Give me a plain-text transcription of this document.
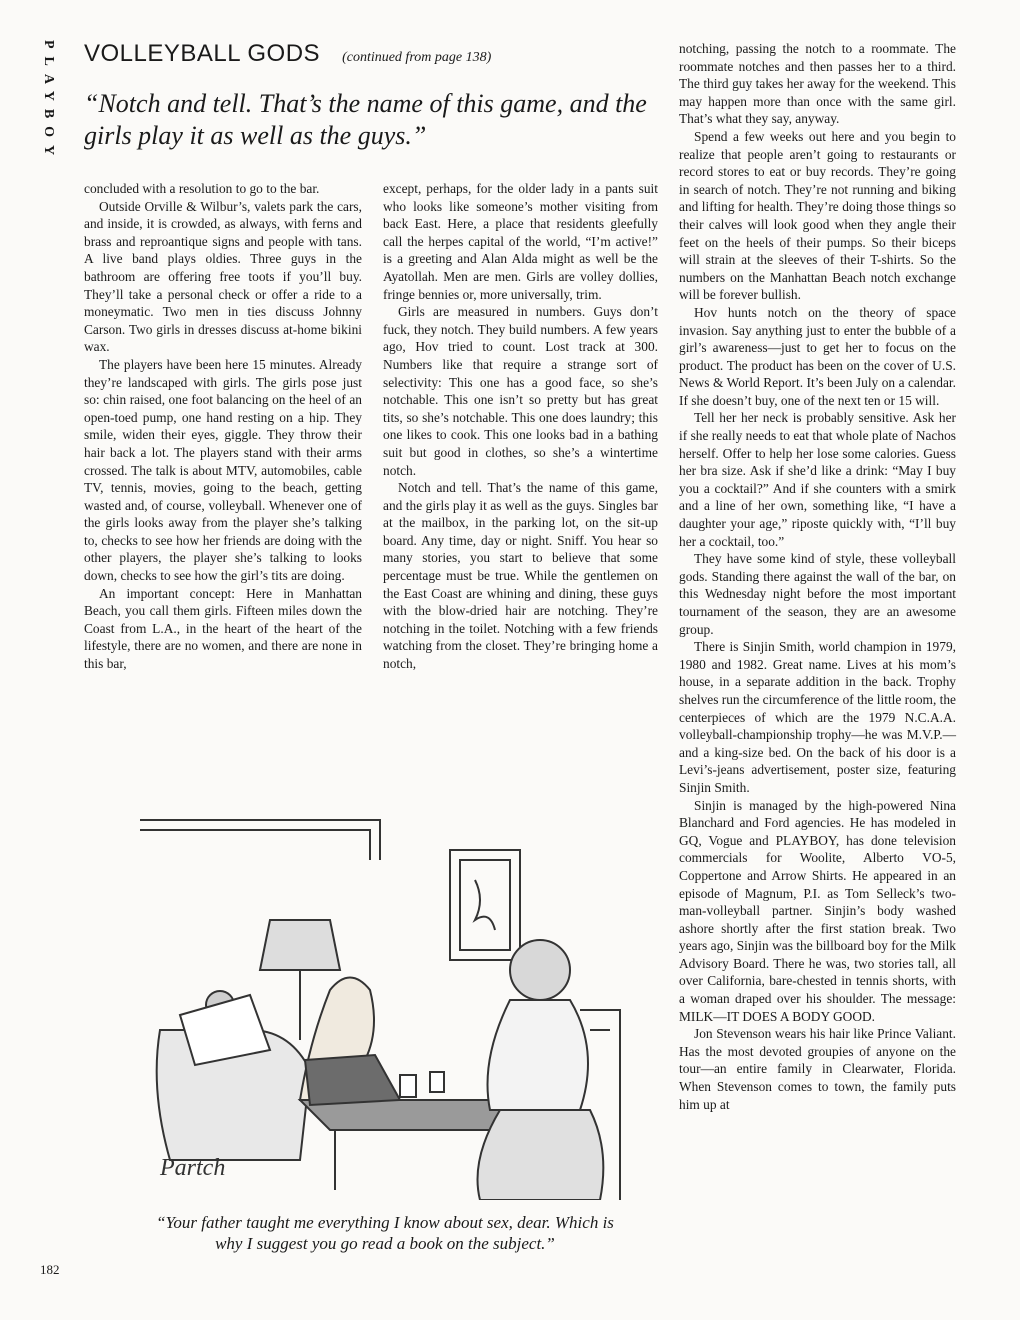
PLAYBOY VOLLEYBALL GODS (continued from page 138)
“Notch and tell. That’s the name of this game, and the girls play it as well as the guys.”

concluded with a resolution to go to the bar.

Outside Orville & Wilbur’s, valets park the cars, and inside, it is crowded, as always, with ferns and brass and reproantique signs and people with tans. A live band plays oldies. Three guys in the bathroom are offering free toots if you’ll buy. They’ll take a personal check or offer a ride to a moneymatic. Two men in ties discuss Johnny Carson. Two girls in dresses discuss at-home bikini wax.

The players have been here 15 minutes. Already they’re landscaped with girls. The girls pose just so: chin raised, one foot balancing on the heel of an open-toed pump, one hand resting on a hip. They smile, widen their eyes, giggle. They throw their hair back a lot. The players stand with their arms crossed. The talk is about MTV, automobiles, cable TV, tennis, movies, going to the beach, getting wasted and, of course, volleyball. Whenever one of the girls looks away from the player she’s talking to, checks to see how her friends are doing with the other players, the player she’s talking to looks down, checks to see how the girl’s tits are doing.

An important concept: Here in Manhattan Beach, you call them girls. Fifteen miles down the Coast from L.A., in the heart of the heart of the lifestyle, there are no women, and there are none in this bar,

except, perhaps, for the older lady in a pants suit who looks like someone’s mother visiting from back East. Here, a place that residents gleefully call the herpes capital of the world, “I’m active!” is a greeting and Alan Alda might as well be the Ayatollah. Men are men. Girls are volley dollies, fringe bennies or, more universally, trim.

Girls are measured in numbers. Guys don’t fuck, they notch. They build numbers. A few years ago, Hov tried to count. Lost track at 300. Numbers like that require a strange sort of selectivity: This one has a good face, so she’s notchable. This one isn’t so pretty but has great tits, so she’s notchable. This one does laundry; this one likes to cook. This one looks bad in a bathing suit but good in clothes, so she’s a wintertime notch.

Notch and tell. That’s the name of this game, and the girls play it as well as the guys. Singles bar at the mailbox, in the parking lot, on the sit-up board. Any time, day or night. Sniff. You hear so many stories, you start to believe that some percentage must be true. While the gentlemen on the East Coast are whining and dining, these guys with the blow-dried hair are notching. They’re notching in the toilet. Notching with a few friends watching from the closet. They’re bringing home a notch,

notching, passing the notch to a roommate. The roommate notches and then passes her to a third. The third guy takes her away for the weekend. This may happen more than once with the same girl. That’s what they say, anyway.

Spend a few weeks out here and you begin to realize that people aren’t going to restaurants or record stores to eat or buy records. They’re going in search of notch. They’re not running and biking and lifting for health. They’re doing those things so their calves will look good when they angle their feet on the heels of their pumps. So their biceps will strain at the sleeves of their T-shirts. So the numbers on the Manhattan Beach notch exchange will be forever bullish.

Hov hunts notch on the theory of space invasion. Say anything just to enter the bubble of a girl’s awareness—just to get her to focus on the product. The product has been on the cover of U.S. News & World Report. It’s been July on a calendar. If she doesn’t buy, one of the next ten or 15 will.

Tell her her neck is probably sensitive. Ask her if she really needs to eat that whole plate of Nachos herself. Offer to help her lose some calories. Guess her bra size. Ask if she’d like a drink: “May I buy you a cocktail?” And if she counters with a smirk and a line of her own, something like, “I have a daughter your age,” riposte quickly with, “I’ll buy her a cocktail, too.”

They have some kind of style, these volleyball gods. Standing there against the wall of the bar, on this Wednesday night before the most important tournament of the season, they are an awesome group.

There is Sinjin Smith, world champion in 1979, 1980 and 1982. Great name. Lives at his mom’s house, in a separate addition in the back. Trophy shelves run the circumference of the little room, the centerpieces of which are the 1979 N.C.A.A. volleyball-championship trophy—he was M.V.P.—and a king-size bed. On the back of his door is a Levi’s-jeans advertisement, poster size, featuring Sinjin Smith.

Sinjin is managed by the high-powered Nina Blanchard and Ford agencies. He has modeled in GQ, Vogue and PLAYBOY, has done television commercials for Woolite, Alberto VO-5, Coppertone and Arrow Shirts. He appeared in an episode of Magnum, P.I. as Tom Selleck’s two-man-volleyball partner. Sinjin’s body washed ashore shortly after the first station break. Two years ago, Sinjin was the billboard boy for the Milk Advisory Board. There he was, two stories tall, all over California, bare-chested in tennis shorts, with a woman draped over his shoulder. The message: MILK—IT DOES A BODY GOOD.

Jon Stevenson wears his hair like Prince Valiant. Has the most devoted groupies of anyone on the tour—an entire family in Clearwater, Florida. When Stevenson comes to town, the family puts him up at

Partch
“Your father taught me everything I know about sex, dear. Which is why I suggest you go read a book on the subject.”
182
